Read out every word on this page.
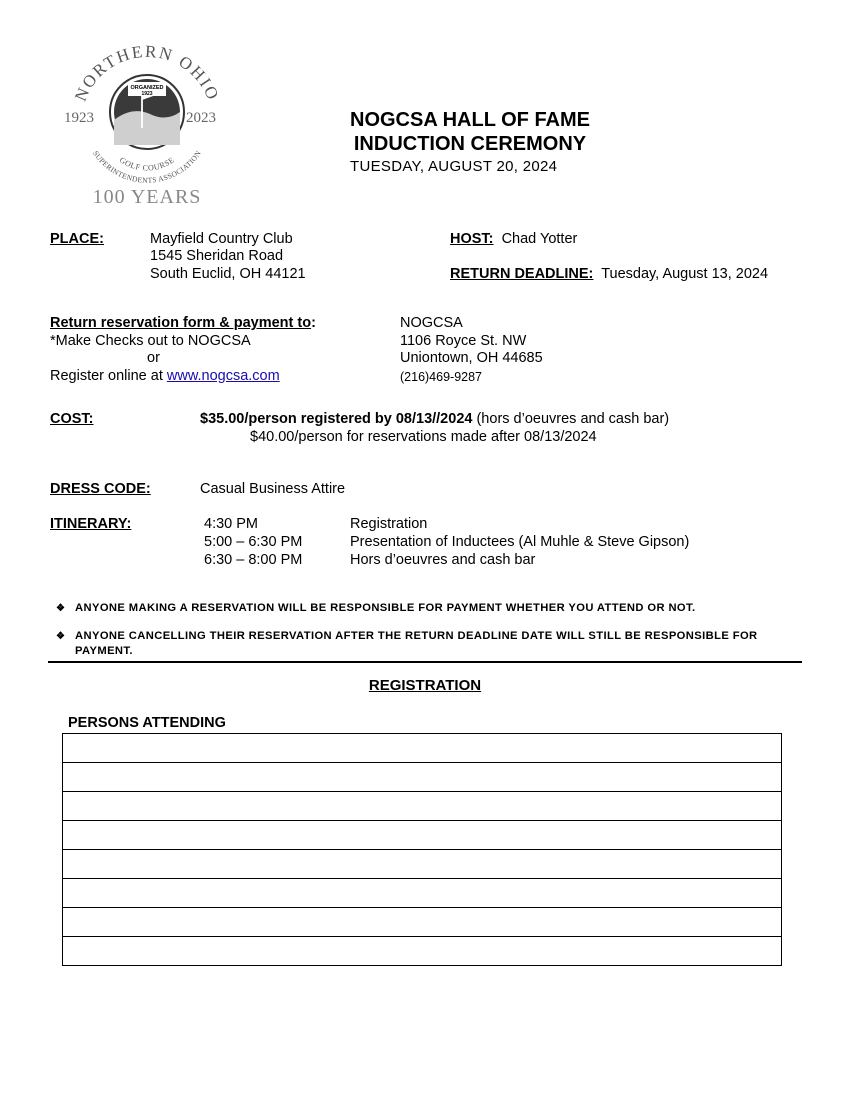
NORTHERN OHIO
ORGANIZED
1923
1923	2023
GOLF COURSE
SUPERINTENDENTS ASSOCIATION
100 YEARS
NOGCSA HALL OF FAME
INDUCTION CEREMONY
TUESDAY, AUGUST 20, 2024
PLACE:	Mayfield Country Club
1545 Sheridan Road
South Euclid, OH 44121
HOST: Chad Yotter
RETURN DEADLINE: Tuesday, August 13, 2024
Return reservation form & payment to:
*Make Checks out to NOGCSA
or
Register online at www.nogcsa.com
NOGCSA
1106 Royce St. NW
Uniontown, OH 44685
(216)469-9287
COST:	$35.00/person registered by 08/13//2024 (hors d’oeuvres and cash bar)
$40.00/person for reservations made after 08/13/2024
DRESS CODE:	Casual Business Attire
ITINERARY:	4:30 PM	Registration
5:00 – 6:30 PM	Presentation of Inductees (Al Muhle & Steve Gipson)
6:30 – 8:00 PM	Hors d’oeuvres and cash bar
❖ ANYONE MAKING A RESERVATION WILL BE RESPONSIBLE FOR PAYMENT WHETHER YOU ATTEND OR NOT.
❖ ANYONE CANCELLING THEIR RESERVATION AFTER THE RETURN DEADLINE DATE WILL STILL BE RESPONSIBLE FOR PAYMENT.
REGISTRATION
PERSONS ATTENDING
